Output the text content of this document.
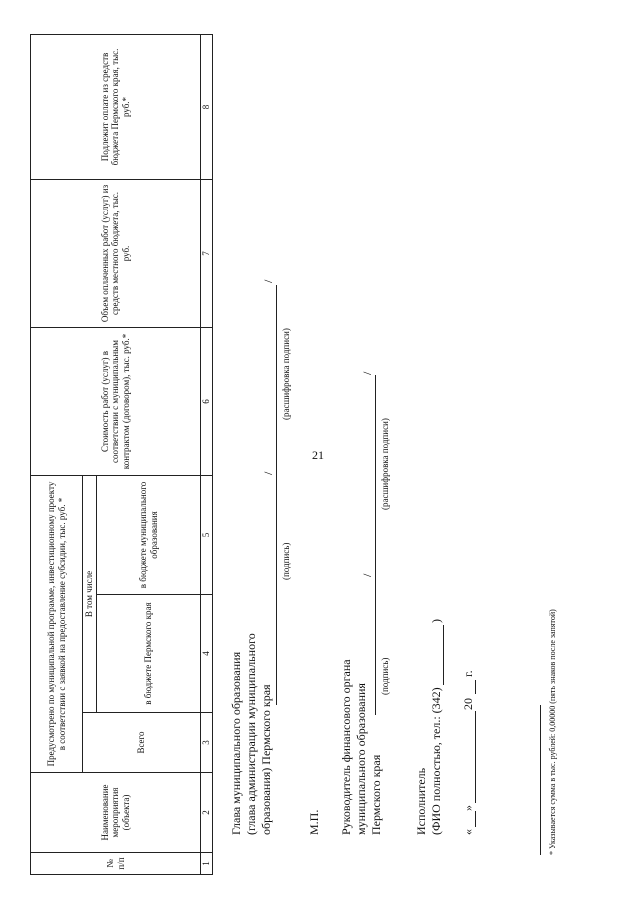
21
№ п/п
Наименование мероприятия (объекта)
Предусмотрено по муниципальной программе, инвестиционному проекту в соответствии с заявкой на предоставление субсидии, тыс. руб. *	Всего
В том числе
в бюджете Пермского края
в бюджете муниципального образования
Стоимость работ (услуг) в соответствии с муниципальным контрактом (договором), тыс. руб.*
Объем оплаченных работ (услуг) из средств местного бюджета, тыс. руб.
Подлежит оплате из средств бюджета Пермского края, тыс. руб.*
1
2
3
4
5
6
7
8
Глава муниципального образования (глава администрации муниципального образования) Пермского края
/
/
(подпись)
(расшифровка подписи)
М.П. Руководитель финансового органа муниципального образования Пермского края
/
/
(подпись)
(расшифровка подписи)
Исполнитель (ФИО полностью, тел.: (342)
)
«
»
20
г.	* Указывается сумма в тыс. рублей: 0,00000 (пять знаков после запятой)
